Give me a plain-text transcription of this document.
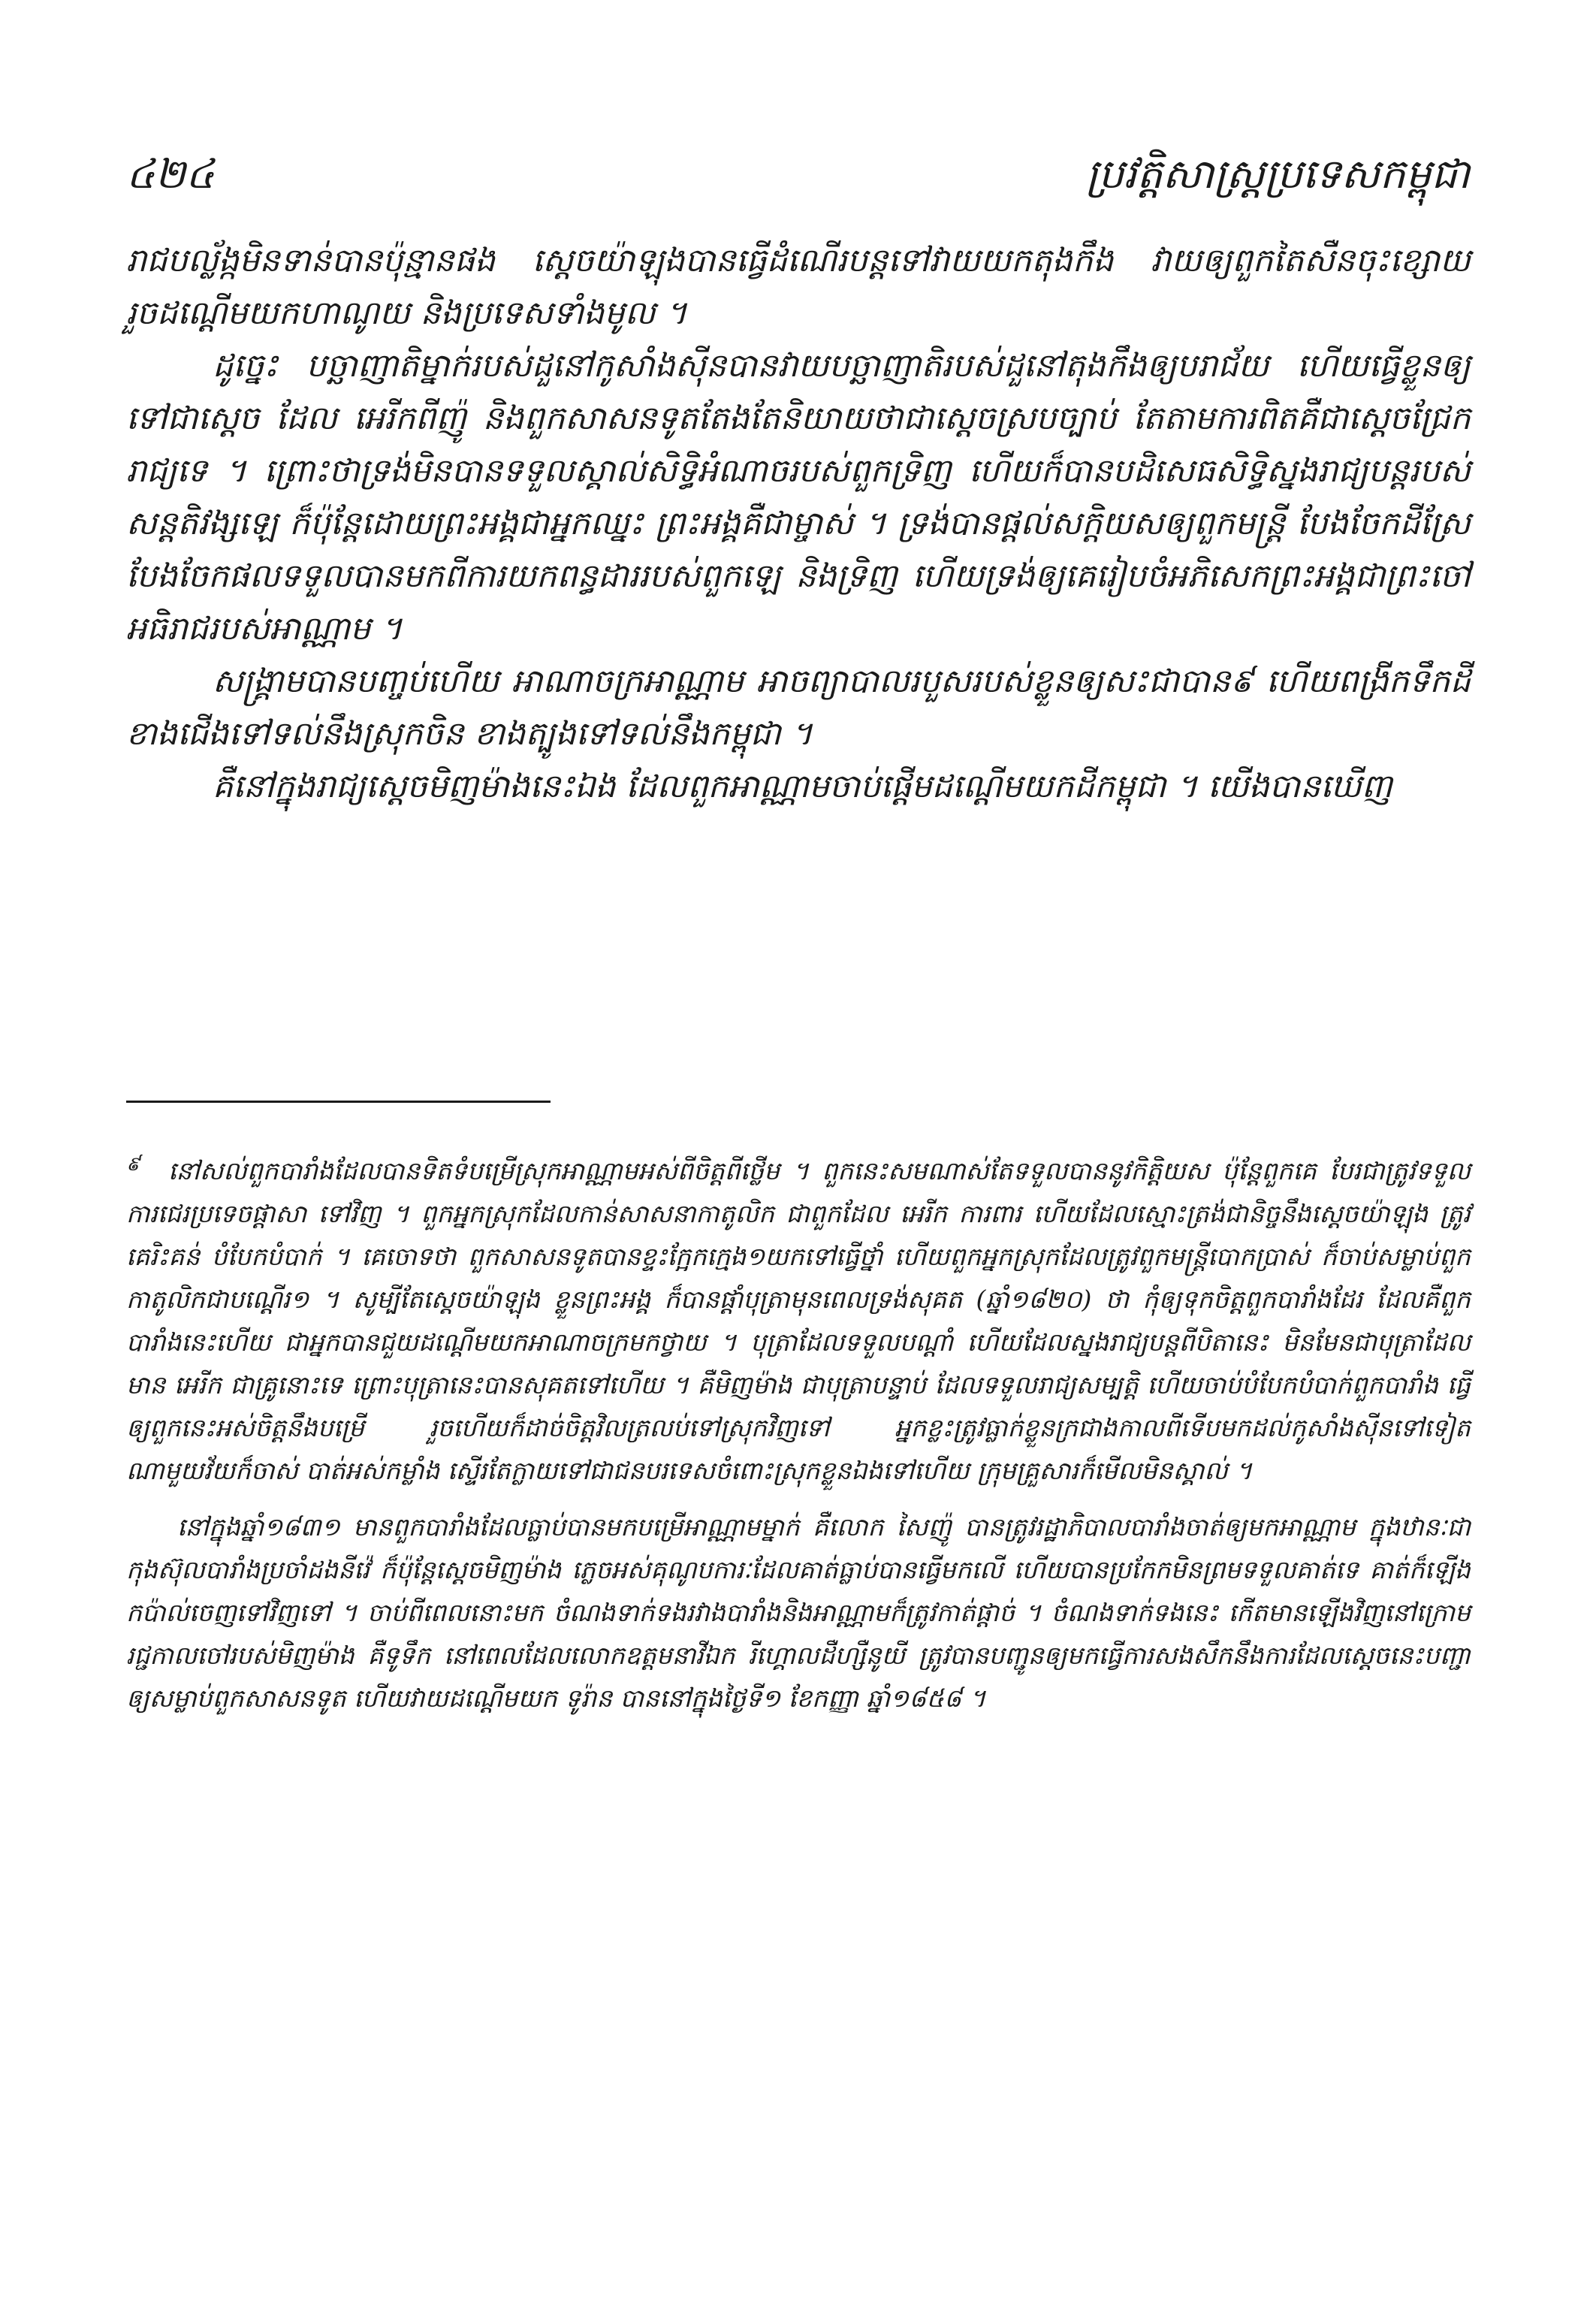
៤២៤	ប្រវត្តិសាស្ត្រប្រទេសកម្ពុជា

រាជបល្ល័ង្កមិនទាន់បានប៉ុន្មានផង ស្តេចយ៉ាឡុងបានធ្វើដំណើរបន្តទៅវាយយកតុងកឹង វាយឲ្យពួកតៃសឺនចុះខ្សោយ រួចដណ្តើមយកហាណូយ និងប្រទេសទាំងមូល ។

ដូច្នេះ បច្ឆាញាតិម្នាក់របស់ដួនៅកូសាំងស៊ីនបានវាយបច្ឆាញាតិរបស់ដួនៅតុងកឹងឲ្យបរាជ័យ ហើយធ្វើខ្លួនឲ្យទៅជាស្តេច ដែល អេរីកពីញ៉ូ និងពួកសាសនទូតតែងតែនិយាយថាជាស្តេចស្របច្បាប់ តែតាមការពិតគឺជាស្តេចជ្រែករាជ្យទេ ។ ព្រោះថាទ្រង់មិនបានទទួលស្គាល់សិទ្ធិអំណាចរបស់ពួកទ្រិញ ហើយក៏បានបដិសេធសិទ្ធិស្នងរាជ្យបន្តរបស់សន្តតិវង្សឡេ ក៏ប៉ុន្តែដោយព្រះអង្គជាអ្នកឈ្នះ ព្រះអង្គគឺជាម្ចាស់ ។ ទ្រង់បានផ្តល់សក្តិយសឲ្យពួកមន្ត្រី បែងចែកដីស្រែ បែងចែកផលទទួលបានមកពីការយកពន្ធដាររបស់ពួកឡេ និងទ្រិញ ហើយទ្រង់ឲ្យគេរៀបចំអភិសេកព្រះអង្គជាព្រះចៅអធិរាជរបស់អាណ្ណាម ។

សង្គ្រាមបានបញ្ចប់ហើយ អាណាចក្រអាណ្ណាម អាចព្យាបាលរបួសរបស់ខ្លួនឲ្យសះជាបាន៩ ហើយពង្រីកទឹកដីខាងជើងទៅទល់នឹងស្រុកចិន ខាងត្បូងទៅទល់នឹងកម្ពុជា ។

គឺនៅក្នុងរាជ្យស្តេចមិញម៉ាងនេះឯង ដែលពួកអាណ្ណាមចាប់ផ្តើមដណ្តើមយកដីកម្ពុជា ។ យើងបានឃើញ

៩ នៅសល់ពួកបារាំងដែលបានទិតទំបម្រើស្រុកអាណ្ណាមអស់ពីចិត្តពីថ្លើម ។ ពួកនេះសមណាស់តែទទួលបាននូវកិត្តិយស ប៉ុន្តែពួកគេ បែរជាត្រូវទទួលការជេរប្រទេចផ្តាសា ទៅវិញ ។ ពួកអ្នកស្រុកដែលកាន់សាសនាកាតូលិក ជាពួកដែល អេរីក ការពារ ហើយដែលស្មោះត្រង់ជានិច្ចនឹងស្តេចយ៉ាឡុង ត្រូវគេរិះគន់ បំបែកបំបាក់ ។ គេចោទថា ពួកសាសនទូតបានខ្ទះក្អែកក្មេង១យកទៅធ្វើថ្នាំ ហើយពួកអ្នកស្រុកដែលត្រូវពួកមន្ត្រីបោកប្រាស់ ក៏ចាប់សម្លាប់ពួកកាតូលិកជាបណ្តើរ១ ។ សូម្បីតែស្តេចយ៉ាឡុង ខ្លួនព្រះអង្គ ក៏បានផ្តាំបុត្រាមុនពេលទ្រង់សុគត (ឆ្នាំ១៨២០) ថា កុំឲ្យទុកចិត្តពួកបារាំងដែរ ដែលគឺពួកបារាំងនេះហើយ ជាអ្នកបានជួយដណ្តើមយកអាណាចក្រមកថ្វាយ ។ បុត្រាដែលទទួលបណ្តាំ ហើយដែលស្នងរាជ្យបន្តពីបិតានេះ មិនមែនជាបុត្រាដែលមាន អេរីក ជាគ្រូនោះទេ ព្រោះបុត្រានេះបានសុគតទៅហើយ ។ គឺមិញម៉ាង ជាបុត្រាបន្ទាប់ ដែលទទួលរាជ្យសម្បត្តិ ហើយចាប់បំបែកបំបាក់ពួកបារាំង ធ្វើឲ្យពួកនេះអស់ចិត្តនឹងបម្រើ រួចហើយក៏ដាច់ចិត្តវិលត្រលប់ទៅស្រុកវិញទៅ អ្នកខ្លះត្រូវធ្លាក់ខ្លួនក្រជាងកាលពីទើបមកដល់កូសាំងស៊ីនទៅទៀត ណាមួយវ័យក៏ចាស់ បាត់អស់កម្លាំង ស្ទើរតែក្លាយទៅជាជនបរទេសចំពោះស្រុកខ្លួនឯងទៅហើយ ក្រុមគ្រួសារក៏មើលមិនស្គាល់ ។

នៅក្នុងឆ្នាំ១៨៣១ មានពួកបារាំងដែលធ្លាប់បានមកបម្រើអាណ្ណាមម្នាក់ គឺលោក សៃញ៉ូ បានត្រូវរដ្ឋាភិបាលបារាំងចាត់ឲ្យមកអាណ្ណាម ក្នុងឋានៈជាកុងស៊ុលបារាំងប្រចាំដងនីវ៉េ ក៏ប៉ុន្តែស្តេចមិញម៉ាង ភ្លេចអស់គុណូបការៈដែលគាត់ធ្លាប់បានធ្វើមកលើ ហើយបានប្រកែកមិនព្រមទទួលគាត់ទេ គាត់ក៏ឡើងកប៉ាល់ចេញទៅវិញទៅ ។ ចាប់ពីពេលនោះមក ចំណងទាក់ទងរវាងបារាំងនិងអាណ្ណាមក៏ត្រូវកាត់ផ្តាច់ ។ ចំណងទាក់ទងនេះ កើតមានឡើងវិញនៅក្រោមរជ្ជកាលចៅរបស់មិញម៉ាង គឺទូទឹក នៅពេលដែលលោកឧត្តមនាវីឯក រីហ្គោលដឺហ្សឺនូយី ត្រូវបានបញ្ជូនឲ្យមកធ្វើការសងសឹកនឹងការដែលស្តេចនេះបញ្ជាឲ្យសម្លាប់ពួកសាសនទូត ហើយវាយដណ្តើមយក ទូរ៉ាន បាននៅក្នុងថ្ងៃទី១ ខែកញ្ញា ឆ្នាំ១៨៥៨ ។
